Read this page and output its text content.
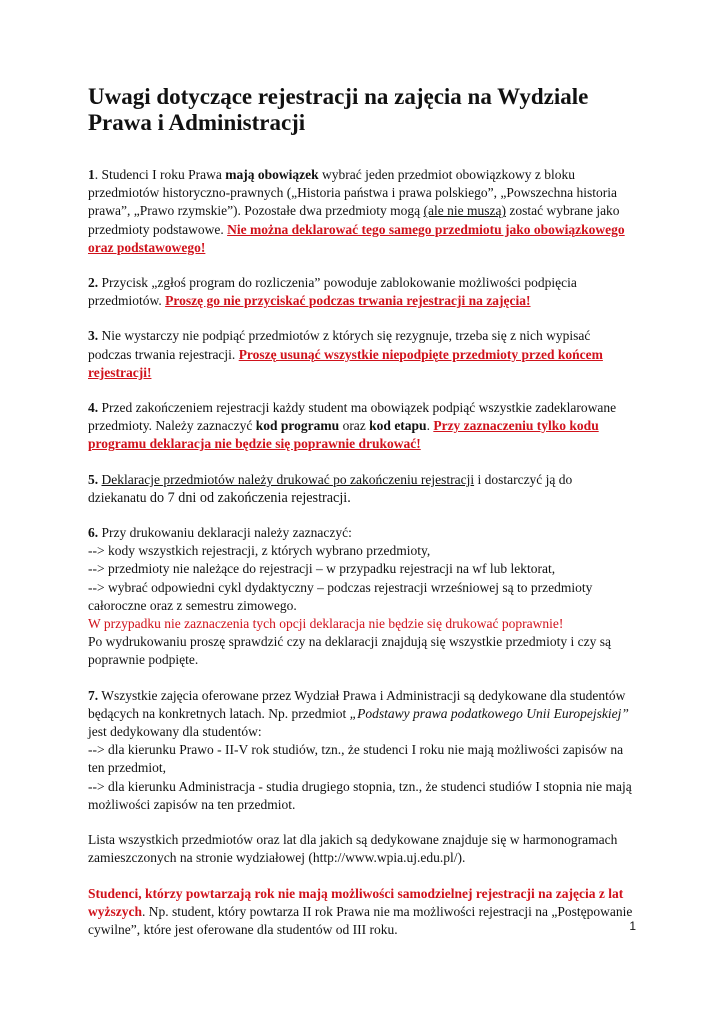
Uwagi dotyczące rejestracji na zajęcia na Wydziale Prawa i Administracji

1. Studenci I roku Prawa mają obowiązek wybrać jeden przedmiot obowiązkowy z bloku przedmiotów historyczno-prawnych („Historia państwa i prawa polskiego”, „Powszechna historia prawa”, „Prawo rzymskie”). Pozostałe dwa przedmioty mogą (ale nie muszą) zostać wybrane jako przedmioty podstawowe. Nie można deklarować tego samego przedmiotu jako obowiązkowego oraz podstawowego!

2. Przycisk „zgłoś program do rozliczenia” powoduje zablokowanie możliwości podpięcia przedmiotów. Proszę go nie przyciskać podczas trwania rejestracji na zajęcia!

3. Nie wystarczy nie podpiąć przedmiotów z których się rezygnuje, trzeba się z nich wypisać podczas trwania rejestracji. Proszę usunąć wszystkie niepodpięte przedmioty przed końcem rejestracji!

4. Przed zakończeniem rejestracji każdy student ma obowiązek podpiąć wszystkie zadeklarowane przedmioty. Należy zaznaczyć kod programu oraz kod etapu. Przy zaznaczeniu tylko kodu programu deklaracja nie będzie się poprawnie drukować!

5. Deklaracje przedmiotów należy drukować po zakończeniu rejestracji i dostarczyć ją do dziekanatu do 7 dni od zakończenia rejestracji.

6. Przy drukowaniu deklaracji należy zaznaczyć:
--> kody wszystkich rejestracji, z których wybrano przedmioty,
--> przedmioty nie należące do rejestracji – w przypadku rejestracji na wf lub lektorat,
--> wybrać odpowiedni cykl dydaktyczny – podczas rejestracji wrześniowej są to przedmioty całoroczne oraz z semestru zimowego.
W przypadku nie zaznaczenia tych opcji deklaracja nie będzie się drukować poprawnie!
Po wydrukowaniu proszę sprawdzić czy na deklaracji znajdują się wszystkie przedmioty i czy są poprawnie podpięte.

7. Wszystkie zajęcia oferowane przez Wydział Prawa i Administracji są dedykowane dla studentów będących na konkretnych latach. Np. przedmiot „Podstawy prawa podatkowego Unii Europejskiej” jest dedykowany dla studentów:
--> dla kierunku Prawo - II-V rok studiów, tzn., że studenci I roku nie mają możliwości zapisów na ten przedmiot,
--> dla kierunku Administracja - studia drugiego stopnia, tzn., że studenci studiów I stopnia nie mają możliwości zapisów na ten przedmiot.

Lista wszystkich przedmiotów oraz lat dla jakich są dedykowane znajduje się w harmonogramach zamieszczonych na stronie wydziałowej (http://www.wpia.uj.edu.pl/).

Studenci, którzy powtarzają rok nie mają możliwości samodzielnej rejestracji na zajęcia z lat wyższych. Np. student, który powtarza II rok Prawa nie ma możliwości rejestracji na „Postępowanie cywilne”, które jest oferowane dla studentów od III roku.	1
